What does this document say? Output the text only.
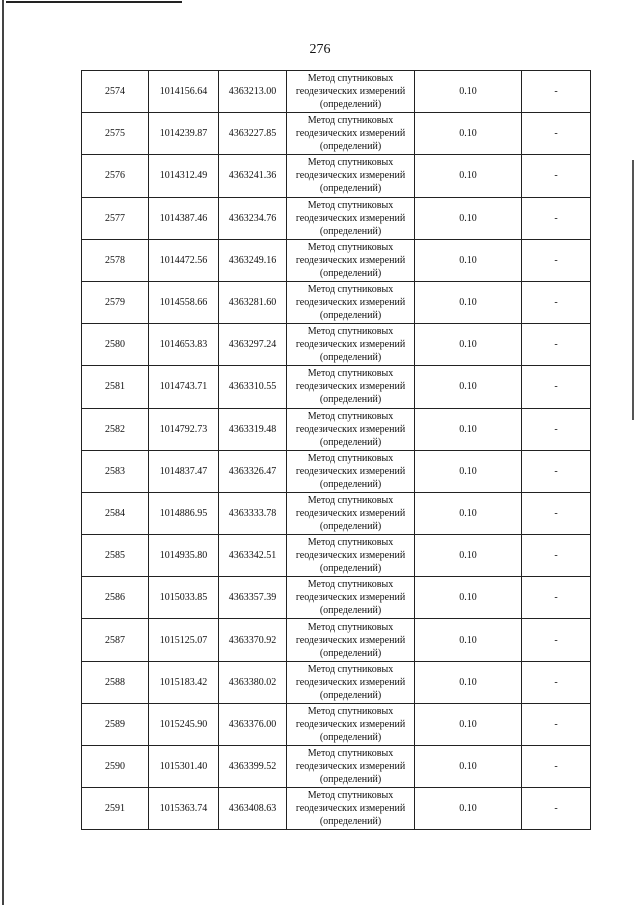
276
2574	1014156.64	4363213.00	Метод спутниковых
геодезических измерений
(определений)	0.10	-
2575	1014239.87	4363227.85	Метод спутниковых
геодезических измерений
(определений)	0.10	-
2576	1014312.49	4363241.36	Метод спутниковых
геодезических измерений
(определений)	0.10	-
2577	1014387.46	4363234.76	Метод спутниковых
геодезических измерений
(определений)	0.10	-
2578	1014472.56	4363249.16	Метод спутниковых
геодезических измерений
(определений)	0.10	-
2579	1014558.66	4363281.60	Метод спутниковых
геодезических измерений
(определений)	0.10	-
2580	1014653.83	4363297.24	Метод спутниковых
геодезических измерений
(определений)	0.10	-
2581	1014743.71	4363310.55	Метод спутниковых
геодезических измерений
(определений)	0.10	-
2582	1014792.73	4363319.48	Метод спутниковых
геодезических измерений
(определений)	0.10	-
2583	1014837.47	4363326.47	Метод спутниковых
геодезических измерений
(определений)	0.10	-
2584	1014886.95	4363333.78	Метод спутниковых
геодезических измерений
(определений)	0.10	-
2585	1014935.80	4363342.51	Метод спутниковых
геодезических измерений
(определений)	0.10	-
2586	1015033.85	4363357.39	Метод спутниковых
геодезических измерений
(определений)	0.10	-
2587	1015125.07	4363370.92	Метод спутниковых
геодезических измерений
(определений)	0.10	-
2588	1015183.42	4363380.02	Метод спутниковых
геодезических измерений
(определений)	0.10	-
2589	1015245.90	4363376.00	Метод спутниковых
геодезических измерений
(определений)	0.10	-
2590	1015301.40	4363399.52	Метод спутниковых
геодезических измерений
(определений)	0.10	-
2591	1015363.74	4363408.63	Метод спутниковых
геодезических измерений
(определений)	0.10	-
